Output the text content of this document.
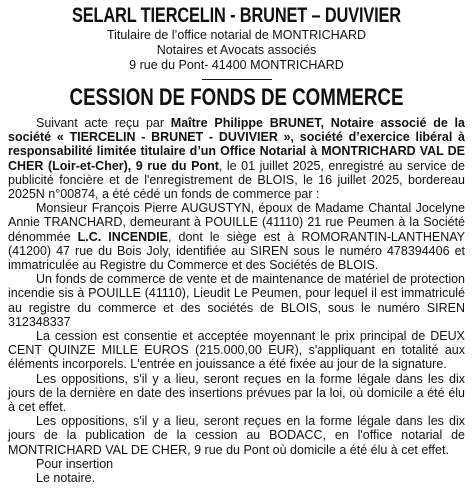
SELARL TIERCELIN - BRUNET – DUVIVIER

Titulaire de l’office notarial de MONTRICHARD

Notaires et Avocats associés

9 rue du Pont- 41400 MONTRICHARD

CESSION DE FONDS DE COMMERCE

Suivant acte reçu par Maître Philippe BRUNET, Notaire associé de la société « TIERCELIN - BRUNET - DUVIVIER », société d’exercice libéral à responsabilité limitée titulaire d’un Office Notarial à MONTRICHARD VAL DE CHER (Loir-et-Cher), 9 rue du Pont, le 01 juillet 2025, enregistré au service de publicité foncière et de l'enregistrement de BLOIS, le 16 juillet 2025, bordereau 2025N n°00874, a été cédé un fonds de commerce par :

Monsieur François Pierre AUGUSTYN, époux de Madame Chantal Jocelyne Annie TRANCHARD, demeurant à POUILLE (41110) 21 rue Peumen à la Société dénommée L.C. INCENDIE, dont le siège est à ROMORANTIN-LANTHENAY (41200) 47 rue du Bois Joly, identifiée au SIREN sous le numéro 478394406 et immatriculée au Registre du Commerce et des Sociétés de BLOIS.

Un fonds de commerce de vente et de maintenance de matériel de protection incendie sis à POUILLE (41110), Lieudit Le Peumen, pour lequel il est immatriculé au registre du commerce et des sociétés de BLOIS, sous le numéro SIREN 312348337

La cession est consentie et acceptée moyennant le prix principal de DEUX CENT QUINZE MILLE EUROS (215.000,00 EUR), s'appliquant en totalité aux éléments incorporels. L'entrée en jouissance a été fixée au jour de la signature.

Les oppositions, s'il y a lieu, seront reçues en la forme légale dans les dix jours de la dernière en date des insertions prévues par la loi, où domicile a été élu à cet effet.

Les oppositions, s'il y a lieu, seront reçues en la forme légale dans les dix jours de la publication de la cession au BODACC, en l'office notarial de MONTRICHARD VAL DE CHER, 9 rue du Pont où domicile a été élu à cet effet.

Pour insertion

Le notaire.
